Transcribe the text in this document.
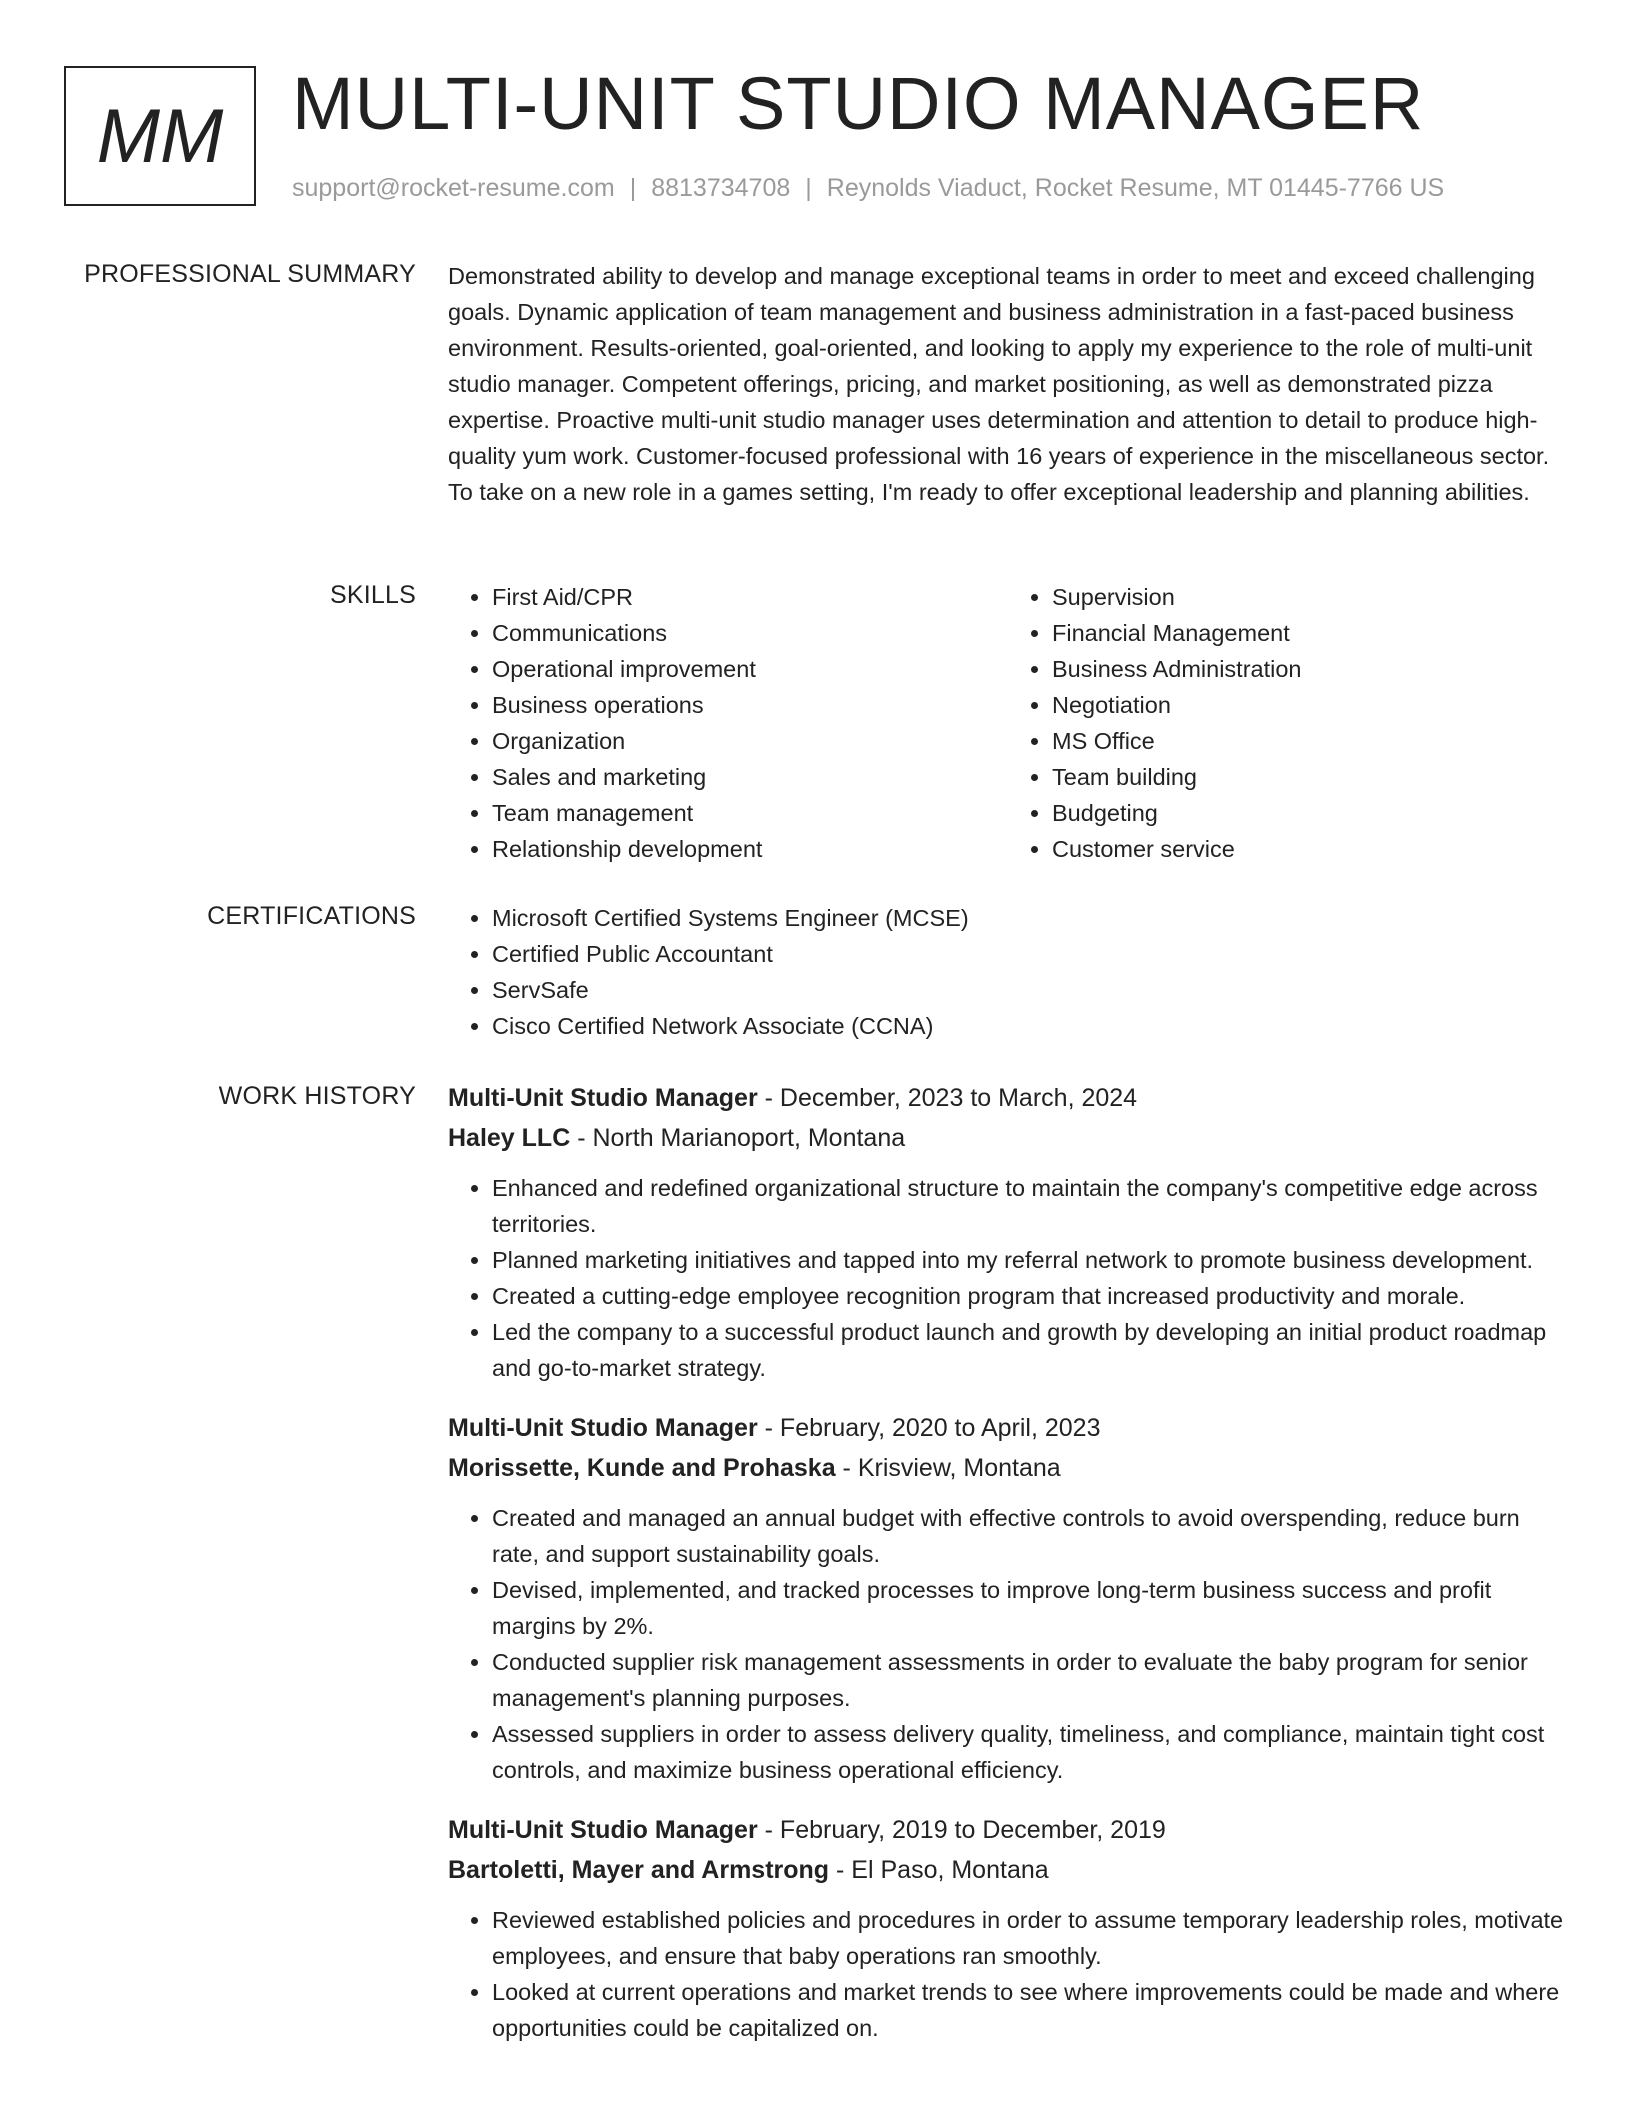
MM MULTI-UNIT STUDIO MANAGER
support@rocket-resume.com | 8813734708 | Reynolds Viaduct, Rocket Resume, MT 01445-7766 US
PROFESSIONAL SUMMARY Demonstrated ability to develop and manage exceptional teams in order to meet and exceed challenging goals. Dynamic application of team management and business administration in a fast-paced business environment. Results-oriented, goal-oriented, and looking to apply my experience to the role of multi-unit studio manager. Competent offerings, pricing, and market positioning, as well as demonstrated pizza expertise. Proactive multi-unit studio manager uses determination and attention to detail to produce high-quality yum work. Customer-focused professional with 16 years of experience in the miscellaneous sector. To take on a new role in a games setting, I'm ready to offer exceptional leadership and planning abilities.

SKILLS	• First Aid/CPR
• Communications
• Operational improvement
• Business operations
• Organization
• Sales and marketing
• Team management
• Relationship development
• Supervision
• Financial Management
• Business Administration
• Negotiation
• MS Office
• Team building
• Budgeting
• Customer service
CERTIFICATIONS	• Microsoft Certified Systems Engineer (MCSE)
• Certified Public Accountant
• ServSafe
• Cisco Certified Network Associate (CCNA)
WORK HISTORY Multi-Unit Studio Manager - December, 2023 to March, 2024
Haley LLC - North Marianoport, Montana
• Enhanced and redefined organizational structure to maintain the company's competitive edge across territories.
• Planned marketing initiatives and tapped into my referral network to promote business development.
• Created a cutting-edge employee recognition program that increased productivity and morale.
• Led the company to a successful product launch and growth by developing an initial product roadmap and go-to-market strategy.
Multi-Unit Studio Manager - February, 2020 to April, 2023
Morissette, Kunde and Prohaska - Krisview, Montana
• Created and managed an annual budget with effective controls to avoid overspending, reduce burn rate, and support sustainability goals.
• Devised, implemented, and tracked processes to improve long-term business success and profit margins by 2%.
• Conducted supplier risk management assessments in order to evaluate the baby program for senior management's planning purposes.
• Assessed suppliers in order to assess delivery quality, timeliness, and compliance, maintain tight cost controls, and maximize business operational efficiency.
Multi-Unit Studio Manager - February, 2019 to December, 2019
Bartoletti, Mayer and Armstrong - El Paso, Montana
• Reviewed established policies and procedures in order to assume temporary leadership roles, motivate employees, and ensure that baby operations ran smoothly.
• Looked at current operations and market trends to see where improvements could be made and where opportunities could be capitalized on.
